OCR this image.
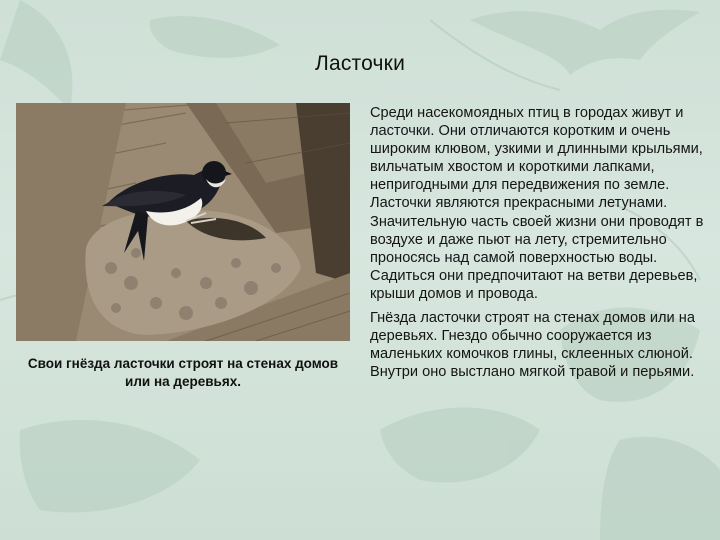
Ласточки
Свои гнёзда ласточки строят на стенах домов или на деревьях.

Среди насекомоядных птиц в городах живут и ласточки. Они отличаются коротким и очень широким клювом, узкими и длинными крыльями, вильчатым хвостом и короткими лапками, непригодными для передвижения по земле. Ласточки являются прекрасными летунами. Значительную часть своей жизни они проводят в воздухе и даже пьют на лету, стремительно проносясь над самой поверхностью воды. Садиться они предпочитают на ветви деревьев, крыши домов и провода.

Гнёзда ласточки строят на стенах домов или на деревьях. Гнездо обычно сооружается из маленьких комочков глины, склеенных слюной. Внутри оно выстлано мягкой травой и перьями.
